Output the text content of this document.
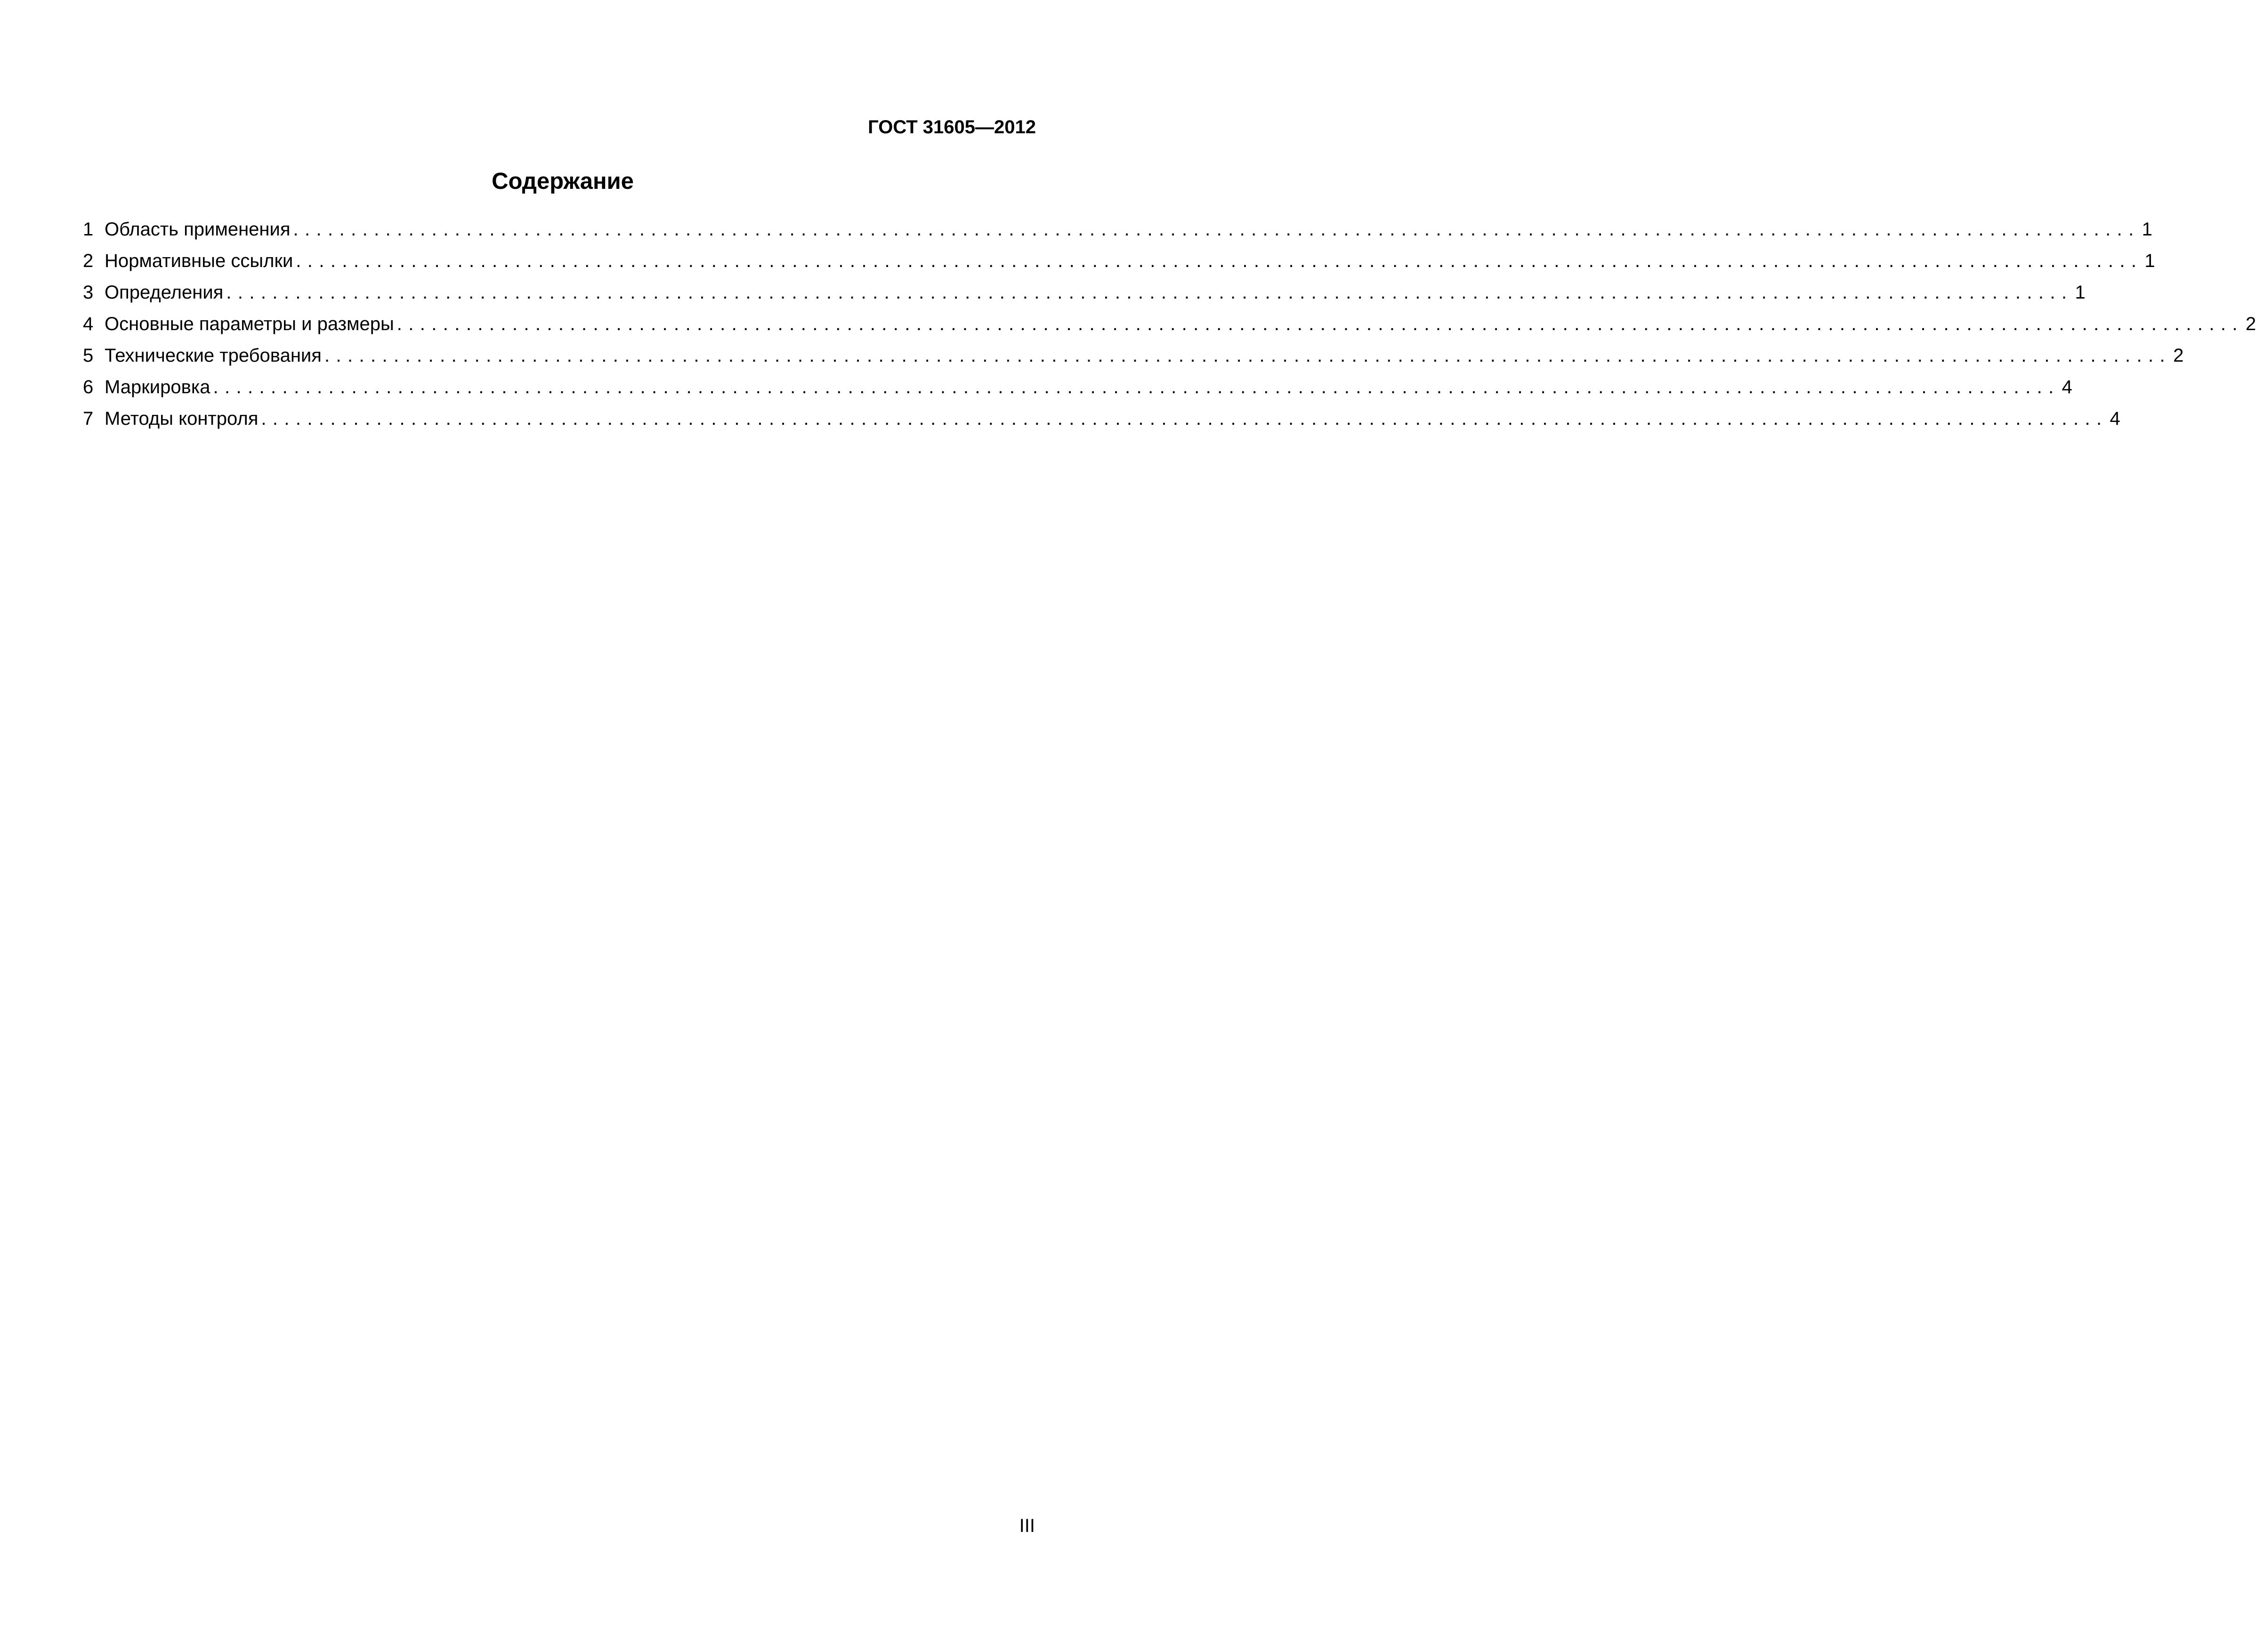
ГОСТ 31605—2012
Содержание
1 Область применения ................................................................................................................................................................ 1
2 Нормативные ссылки ................................................................................................................................................................ 1
3 Определения ................................................................................................................................................................ 1
4 Основные параметры и размеры ................................................................................................................................................................ 2
5 Технические требования ................................................................................................................................................................ 2
6 Маркировка ................................................................................................................................................................ 4
7 Методы контроля ................................................................................................................................................................ 4
III
